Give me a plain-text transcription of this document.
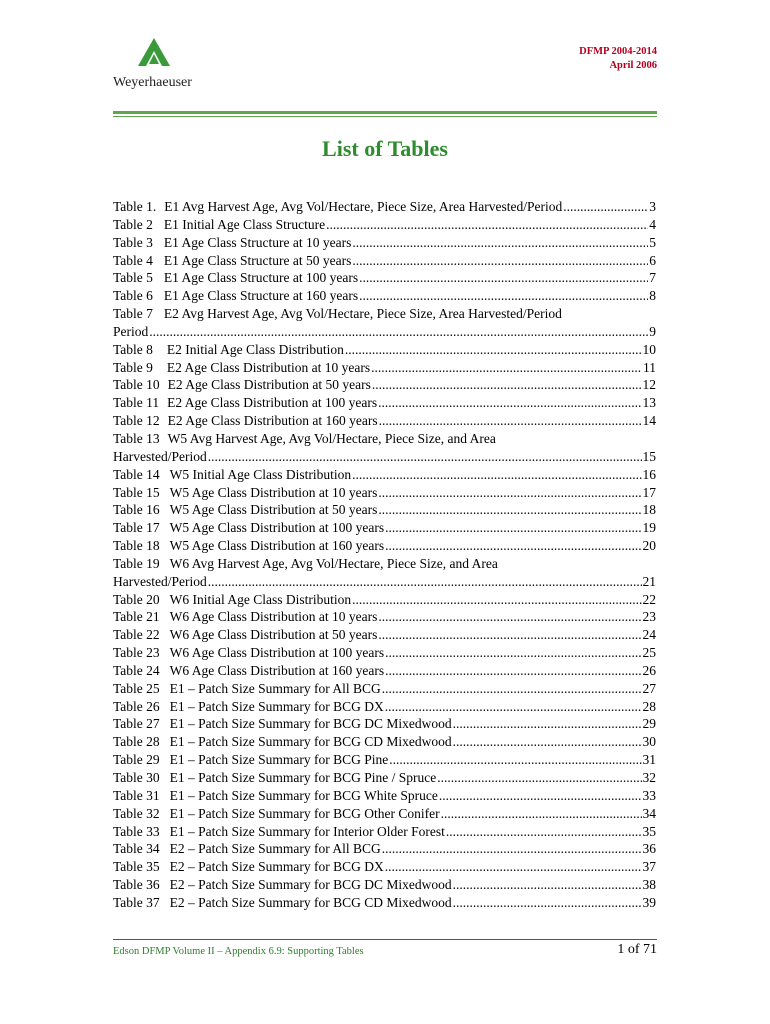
Weyerhaeuser
DFMP 2004-2014
April 2006
List of Tables
Table 1. E1 Avg Harvest Age, Avg Vol/Hectare, Piece Size, Area Harvested/Period .....	3
Table 2 E1 Initial Age Class Structure .....	4
Table 3 E1 Age Class Structure at 10 years .....	5
Table 4 E1 Age Class Structure at 50 years .....	6
Table 5 E1 Age Class Structure at 100 years .....	7
Table 6 E1 Age Class Structure at 160 years .....	8
Table 7 E2 Avg Harvest Age, Avg Vol/Hectare, Piece Size, Area Harvested/Period
Period .....	9
Table 8 E2 Initial Age Class Distribution .....	10
Table 9 E2 Age Class Distribution at 10 years .....	11
Table 10 E2 Age Class Distribution at 50 years .....	12
Table 11 E2 Age Class Distribution at 100 years .....	13
Table 12 E2 Age Class Distribution at 160 years .....	14
Table 13 W5 Avg Harvest Age, Avg Vol/Hectare, Piece Size, and Area
Harvested/Period .....	15
Table 14 W5 Initial Age Class Distribution .....	16
Table 15 W5 Age Class Distribution at 10 years .....	17
Table 16 W5 Age Class Distribution at 50 years .....	18
Table 17 W5 Age Class Distribution at 100 years .....	19
Table 18 W5 Age Class Distribution at 160 years .....	20
Table 19 W6 Avg Harvest Age, Avg Vol/Hectare, Piece Size, and Area
Harvested/Period .....	21
Table 20 W6 Initial Age Class Distribution .....	22
Table 21 W6 Age Class Distribution at 10 years .....	23
Table 22 W6 Age Class Distribution at 50 years .....	24
Table 23 W6 Age Class Distribution at 100 years .....	25
Table 24 W6 Age Class Distribution at 160 years .....	26
Table 25 E1 – Patch Size Summary for All BCG .....	27
Table 26 E1 – Patch Size Summary for BCG DX .....	28
Table 27 E1 – Patch Size Summary for BCG DC Mixedwood .....	29
Table 28 E1 – Patch Size Summary for BCG CD Mixedwood .....	30
Table 29 E1 – Patch Size Summary for BCG Pine .....	31
Table 30 E1 – Patch Size Summary for BCG Pine / Spruce .....	32
Table 31 E1 – Patch Size Summary for BCG White Spruce .....	33
Table 32 E1 – Patch Size Summary for BCG Other Conifer .....	34
Table 33 E1 – Patch Size Summary for Interior Older Forest .....	35
Table 34 E2 – Patch Size Summary for All BCG .....	36
Table 35 E2 – Patch Size Summary for BCG DX .....	37
Table 36 E2 – Patch Size Summary for BCG DC Mixedwood .....	38
Table 37 E2 – Patch Size Summary for BCG CD Mixedwood .....	39
Edson DFMP Volume II – Appendix 6.9: Supporting Tables	1 of 71
